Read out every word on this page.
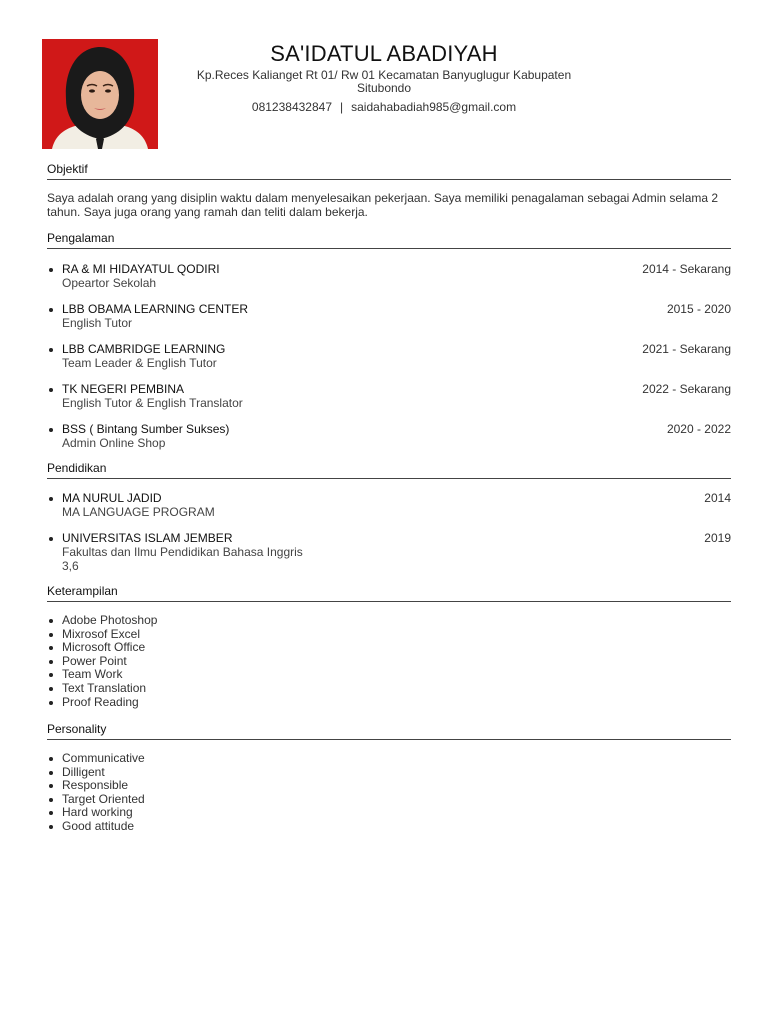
SA'IDATUL ABADIYAH
Kp.Reces Kalianget Rt 01/ Rw 01 Kecamatan Banyuglugur Kabupaten Situbondo
081238432847 | saidahabadiah985@gmail.com
Objektif
Saya adalah orang yang disiplin waktu dalam menyelesaikan pekerjaan. Saya memiliki penagalaman sebagai Admin selama 2 tahun. Saya juga orang yang ramah dan teliti dalam bekerja.
Pengalaman
RA & MI HIDAYATUL QODIRI	2014 - Sekarang
Opeartor Sekolah
LBB OBAMA LEARNING CENTER	2015 - 2020
English Tutor
LBB CAMBRIDGE LEARNING	2021 - Sekarang
Team Leader & English Tutor
TK NEGERI PEMBINA	2022 - Sekarang
English Tutor & English Translator
BSS ( Bintang Sumber Sukses)	2020 - 2022
Admin Online Shop
Pendidikan
MA NURUL JADID	2014
MA LANGUAGE PROGRAM
UNIVERSITAS ISLAM JEMBER	2019
Fakultas dan Ilmu Pendidikan Bahasa Inggris
3,6
Keterampilan
Adobe Photoshop
Mixrosof Excel
Microsoft Office
Power Point
Team Work
Text Translation
Proof Reading
Personality
Communicative
Dilligent
Responsible
Target Oriented
Hard working
Good attitude
